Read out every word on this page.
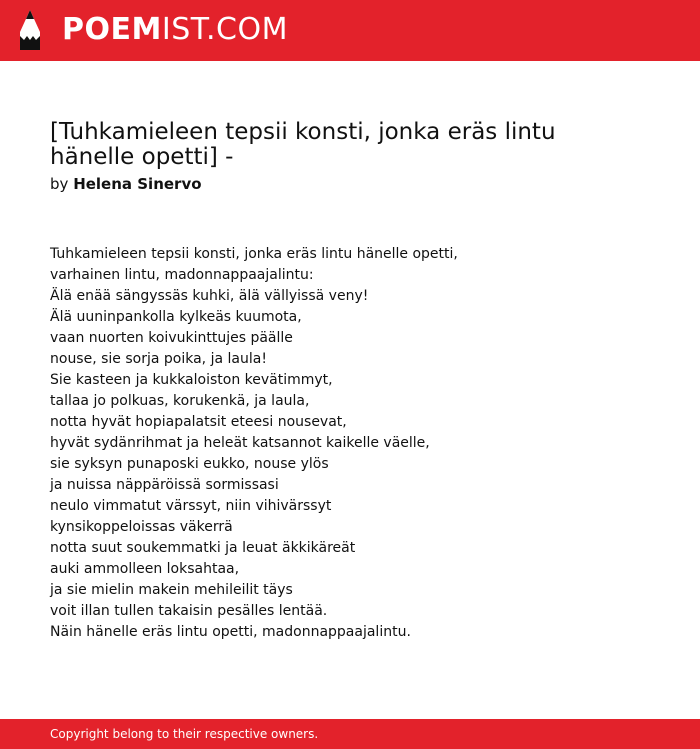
POEMIST.COM
[Tuhkamieleen tepsii konsti, jonka eräs lintu hänelle opetti] -
by Helena Sinervo
Tuhkamieleen tepsii konsti, jonka eräs lintu hänelle opetti,
varhainen lintu, madonnappaajalintu:
Älä enää sängyssäs kuhki, älä vällyissä veny!
Älä uuninpankolla kylkeäs kuumota,
vaan nuorten koivukinttujes päälle
nouse, sie sorja poika, ja laula!
Sie kasteen ja kukkaloiston kevätimmyt,
tallaa jo polkuas, korukenkä, ja laula,
notta hyvät hopiapalatsit eteesi nousevat,
hyvät sydänrihmat ja heleät katsannot kaikelle väelle,
sie syksyn punaposki eukko, nouse ylös
ja nuissa näppäröissä sormissasi
neulo vimmatut värssyt, niin vihivärssyt
kynsikoppeloissas väkerrä
notta suut soukemmatki ja leuat äkkikäreät
auki ammolleen loksahtaa,
ja sie mielin makein mehileilit täys
voit illan tullen takaisin pesälles lentää.
Näin hänelle eräs lintu opetti, madonnappaajalintu.
Copyright belong to their respective owners.
